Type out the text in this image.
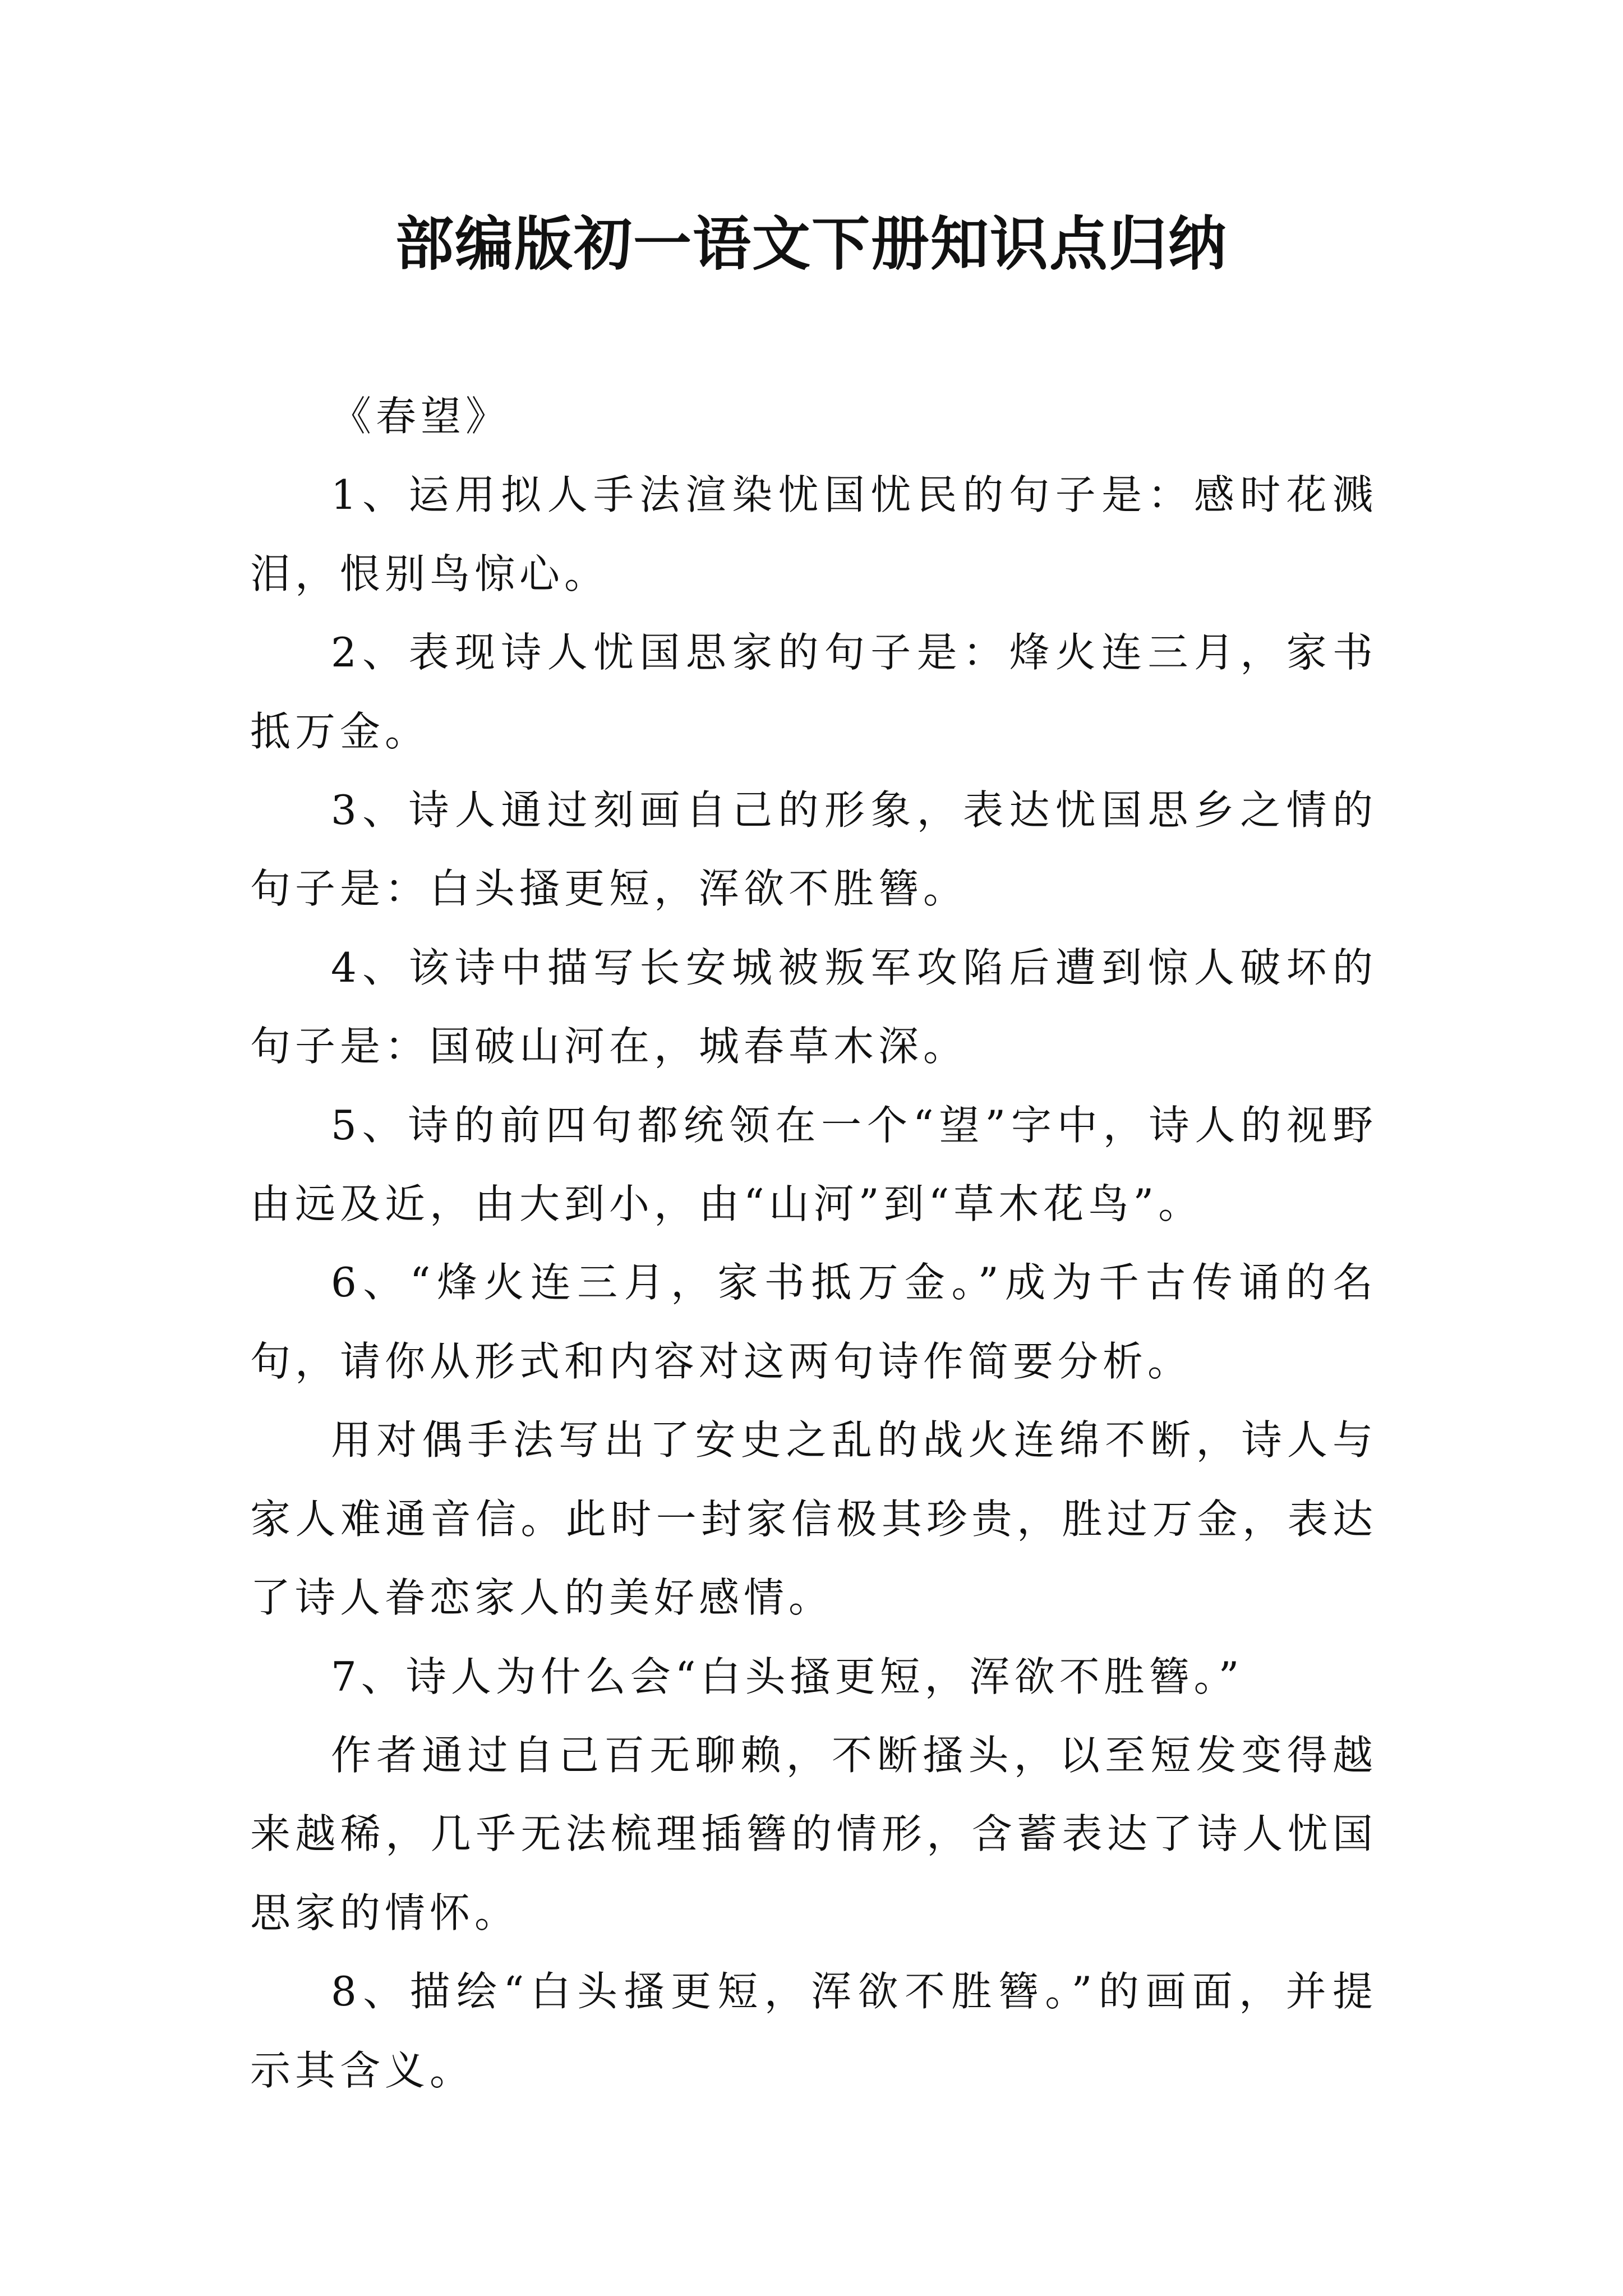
部编版初一语文下册知识点归纳

《春望》

1、运用拟人手法渲染忧国忧民的句子是：感时花溅泪，恨别鸟惊心。

2、表现诗人忧国思家的句子是：烽火连三月，家书抵万金。

3、诗人通过刻画自己的形象，表达忧国思乡之情的句子是：白头搔更短，浑欲不胜簪。

4、该诗中描写长安城被叛军攻陷后遭到惊人破坏的句子是：国破山河在，城春草木深。

5、诗的前四句都统领在一个“望”字中，诗人的视野由远及近，由大到小，由“山河”到“草木花鸟”。

6、“烽火连三月，家书抵万金。”成为千古传诵的名句，请你从形式和内容对这两句诗作简要分析。

用对偶手法写出了安史之乱的战火连绵不断，诗人与家人难通音信。此时一封家信极其珍贵，胜过万金，表达了诗人眷恋家人的美好感情。

7、诗人为什么会“白头搔更短，浑欲不胜簪。”

作者通过自己百无聊赖，不断搔头，以至短发变得越来越稀，几乎无法梳理插簪的情形，含蓄表达了诗人忧国思家的情怀。

8、描绘“白头搔更短，浑欲不胜簪。”的画面，并提示其含义。
